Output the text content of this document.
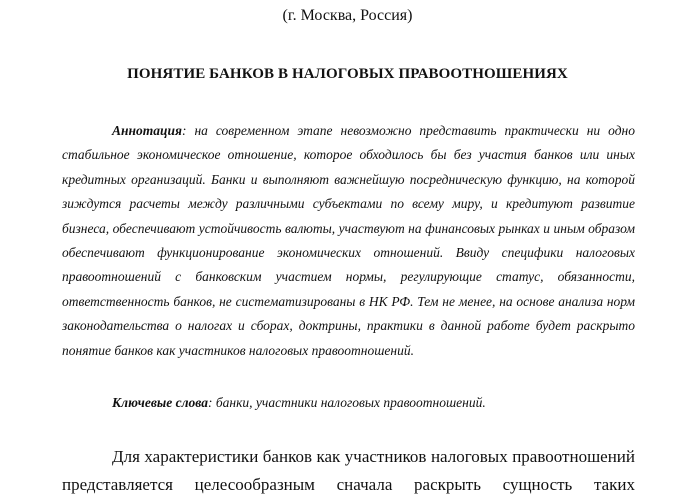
(г. Москва, Россия)
ПОНЯТИЕ БАНКОВ В НАЛОГОВЫХ ПРАВООТНОШЕНИЯХ

Аннотация: на современном этапе невозможно представить практически ни одно стабильное экономическое отношение, которое обходилось бы без участия банков или иных кредитных организаций. Банки и выполняют важнейшую посредническую функцию, на которой зиждутся расчеты между различными субъектами по всему миру, и кредитуют развитие бизнеса, обеспечивают устойчивость валюты, участвуют на финансовых рынках и иным образом обеспечивают функционирование экономических отношений. Ввиду специфики налоговых правоотношений с банковским участием нормы, регулирующие статус, обязанности, ответственность банков, не систематизированы в НК РФ. Тем не менее, на основе анализа норм законодательства о налогах и сборах, доктрины, практики в данной работе будет раскрыто понятие банков как участников налоговых правоотношений.

Ключевые слова: банки, участники налоговых правоотношений.

Для характеристики банков как участников налоговых правоотношений представляется целесообразным сначала раскрыть сущность таких
